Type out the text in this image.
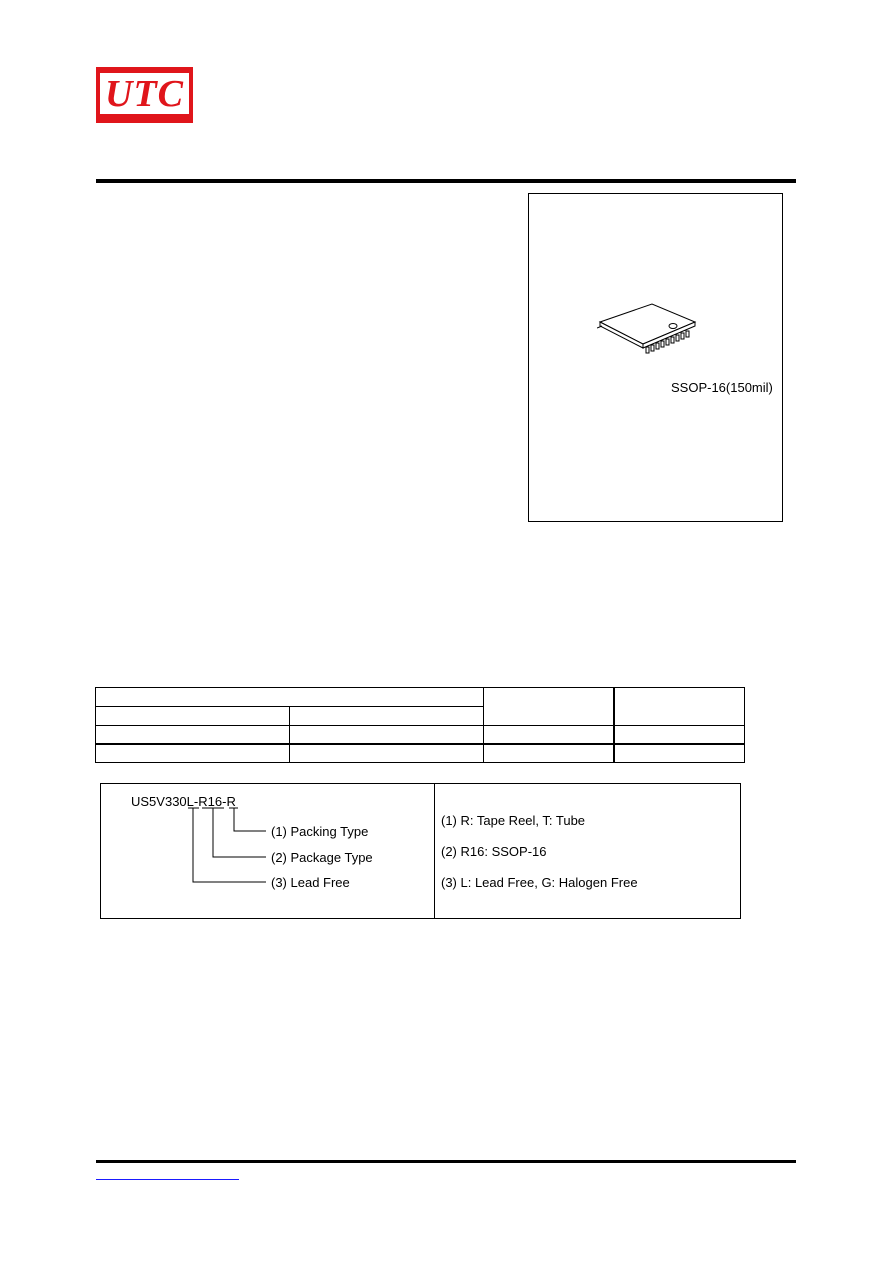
UTC
SSOP-16(150mil)
US5V330L-R16-R
(1) Packing Type
(2) Package Type
(3) Lead Free
(1) R: Tape Reel, T: Tube
(2) R16: SSOP-16
(3) L: Lead Free, G: Halogen Free
